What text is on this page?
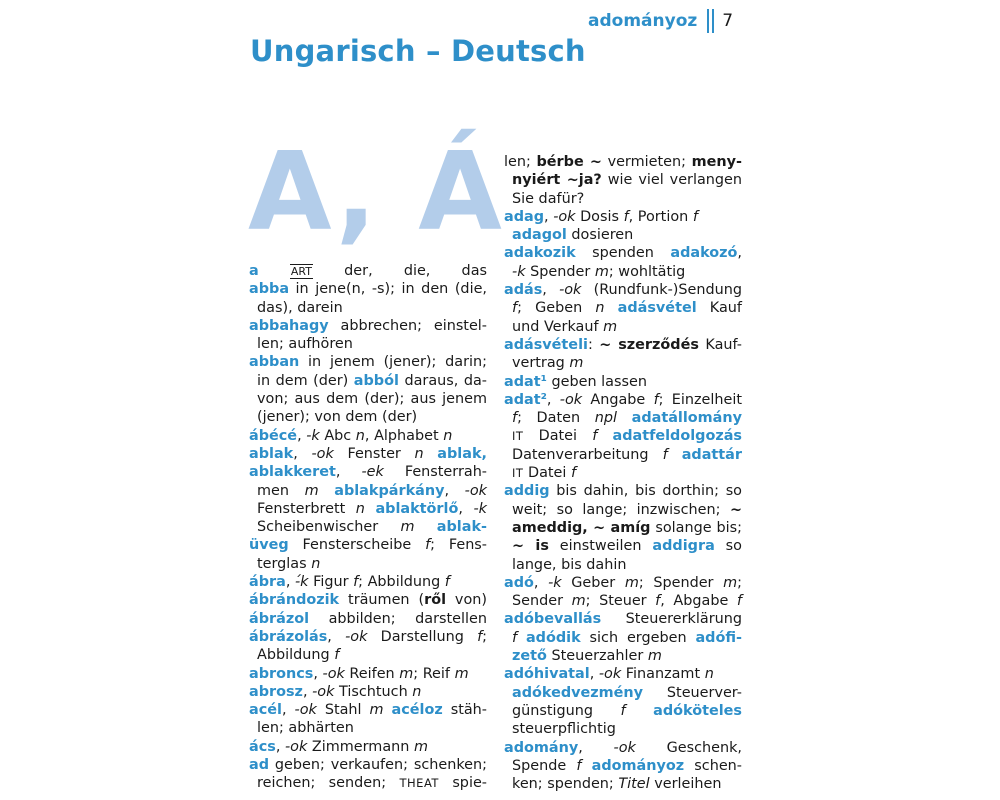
adományoz 7
Ungarisch – Deutsch
A, Á
a	ART der, die, das
abba in jene(n, -s); in den (die,
das), darein
abbahagy abbrechen; einstel-
len; aufhören
abban in jenem (jener); darin;
in dem (der) abból daraus, da-
von; aus dem (der); aus jenem
(jener); von dem (der)
ábécé, -k Abc n, Alphabet n
ablak, -ok Fenster n ablak,
ablakkeret, -ek Fensterrah-
men m ablakpárkány, -ok
Fensterbrett n ablaktörlő, -k
Scheibenwischer m ablak-
üveg Fensterscheibe f; Fens-
terglas n
ábra, -́k Figur f; Abbildung f
ábrándozik träumen (ről von)
ábrázol abbilden; darstellen
ábrázolás, -ok Darstellung f;
Abbildung f
abroncs, -ok Reifen m; Reif m
abrosz, -ok Tischtuch n
acél, -ok Stahl m acéloz stäh-
len; abhärten
ács, -ok Zimmermann m
ad geben; verkaufen; schenken;
reichen; senden; THEAT spie-
len; bérbe ~ vermieten; meny-
nyiért ~ja? wie viel verlangen
Sie dafür?
adag, -ok Dosis f, Portion f
adagol dosieren
adakozik spenden adakozó,
-k Spender m; wohltätig
adás, -ok (Rundfunk-)Sendung
f; Geben n adásvétel Kauf
und Verkauf m
adásvételi: ~ szerződés Kauf-
vertrag m
adat¹ geben lassen
adat², -ok Angabe f; Einzelheit
f; Daten npl adatállomány
IT Datei f adatfeldolgozás
Datenverarbeitung f adattár
IT Datei f
addig bis dahin, bis dorthin; so
weit; so lange; inzwischen; ~
ameddig, ~ amíg solange bis;
~ is einstweilen addigra so
lange, bis dahin
adó, -k Geber m; Spender m;
Sender m; Steuer f, Abgabe f
adóbevallás Steuererklärung
f adódik sich ergeben adófi-
zető Steuerzahler m
adóhivatal, -ok Finanzamt n
adókedvezmény Steuerver-
günstigung f adóköteles
steuerpflichtig
adomány, -ok Geschenk,
Spende f adományoz schen-
ken; spenden; Titel verleihen
